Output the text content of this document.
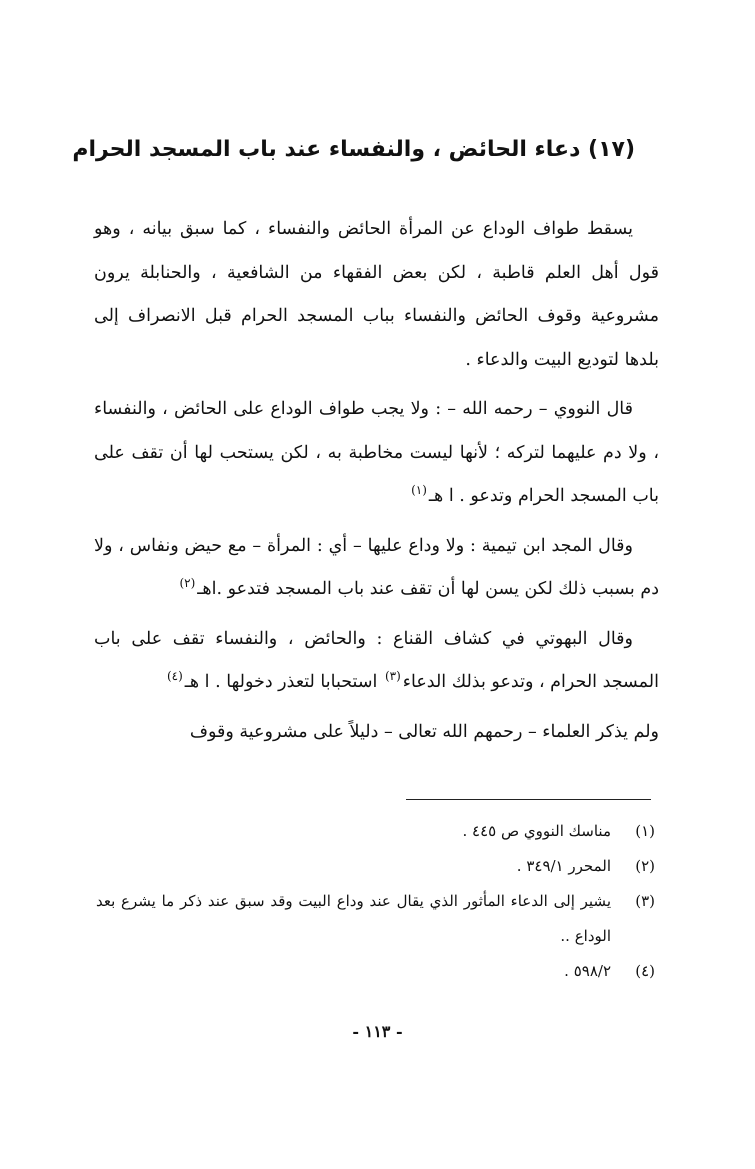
(١٧) دعاء الحائض ، والنفساء عند باب المسجد الحرام

يسقط طواف الوداع عن المرأة الحائض والنفساء ، كما سبق بيانه ، وهو قول أهل العلم قاطبة ، لكن بعض الفقهاء من الشافعية ، والحنابلة يرون مشروعية وقوف الحائض والنفساء بباب المسجد الحرام قبل الانصراف إلى بلدها لتوديع البيت والدعاء .

قال النووي – رحمه الله – : ولا يجب طواف الوداع على الحائض ، والنفساء ، ولا دم عليهما لتركه ؛ لأنها ليست مخاطبة به ، لكن يستحب لها أن تقف على باب المسجد الحرام وتدعو . ا هـ$^{(١)}$

وقال المجد ابن تيمية : ولا وداع عليها – أي : المرأة – مع حيض ونفاس ، ولا دم بسبب ذلك لكن يسن لها أن تقف عند باب المسجد فتدعو .اهـ$^{(٢)}$

وقال البهوتي في كشاف القناع : والحائض ، والنفساء تقف على باب المسجد الحرام ، وتدعو بذلك الدعاء$^{(٣)}$ استحبابا لتعذر دخولها . ا هـ$^{(٤)}$

ولم يذكر العلماء – رحمهم الله تعالى – دليلاً على مشروعية وقوف

(١)
مناسك النووي ص ٤٤٥ .
(٢)
المحرر ٣٤٩/١ .
(٣)
يشير إلى الدعاء المأثور الذي يقال عند وداع البيت وقد سبق عند ذكر ما يشرع بعد الوداع ..
(٤)
٥٩٨/٢ .
- ١١٣ -
